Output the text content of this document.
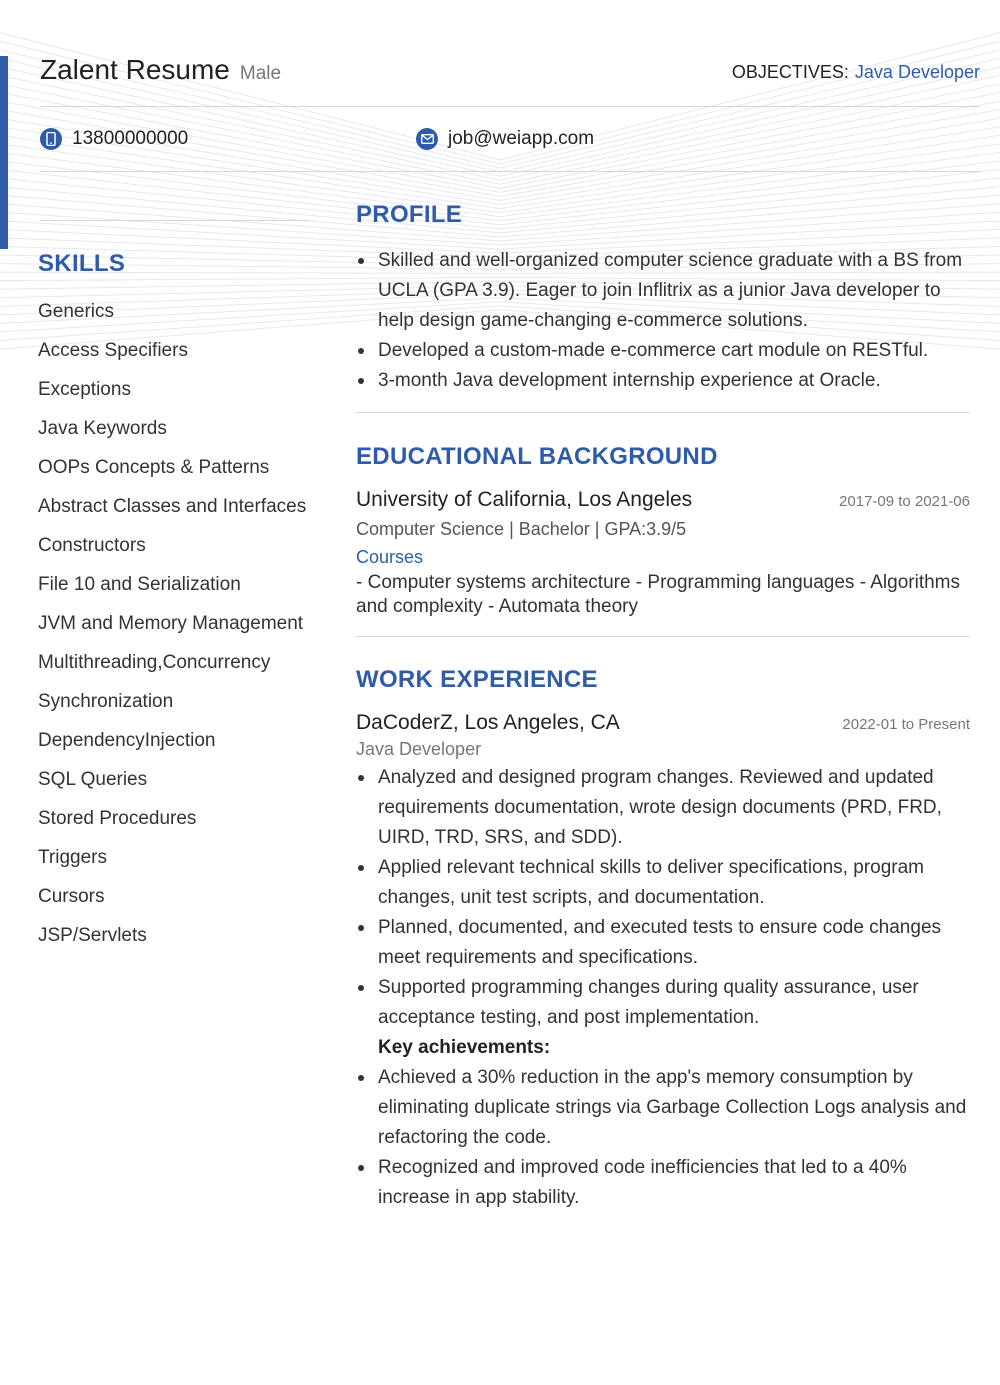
Zalent Resume Male	OBJECTIVES: Java Developer
13800000000	job@weiapp.com
SKILLS
Generics
Access Specifiers
Exceptions
Java Keywords
OOPs Concepts & Patterns
Abstract Classes and Interfaces
Constructors
File 10 and Serialization
JVM and Memory Management
Multithreading,Concurrency
Synchronization
DependencyInjection
SQL Queries
Stored Procedures
Triggers
Cursors
JSP/Servlets
PROFILE
Skilled and well-organized computer science graduate with a BS from UCLA (GPA 3.9). Eager to join Inflitrix as a junior Java developer to help design game-changing e-commerce solutions.
Developed a custom-made e-commerce cart module on RESTful.
3-month Java development internship experience at Oracle.
EDUCATIONAL BACKGROUND
University of California, Los Angeles	2017-09 to 2021-06
Computer Science | Bachelor | GPA:3.9/5
Courses
- Computer systems architecture - Programming languages - Algorithms and complexity - Automata theory
WORK EXPERIENCE
DaCoderZ, Los Angeles, CA	2022-01 to Present
Java Developer
Analyzed and designed program changes. Reviewed and updated requirements documentation, wrote design documents (PRD, FRD, UIRD, TRD, SRS, and SDD).
Applied relevant technical skills to deliver specifications, program changes, unit test scripts, and documentation.
Planned, documented, and executed tests to ensure code changes meet requirements and specifications.
Supported programming changes during quality assurance, user acceptance testing, and post implementation.
Key achievements:
Achieved a 30% reduction in the app's memory consumption by eliminating duplicate strings via Garbage Collection Logs analysis and refactoring the code.
Recognized and improved code inefficiencies that led to a 40% increase in app stability.
